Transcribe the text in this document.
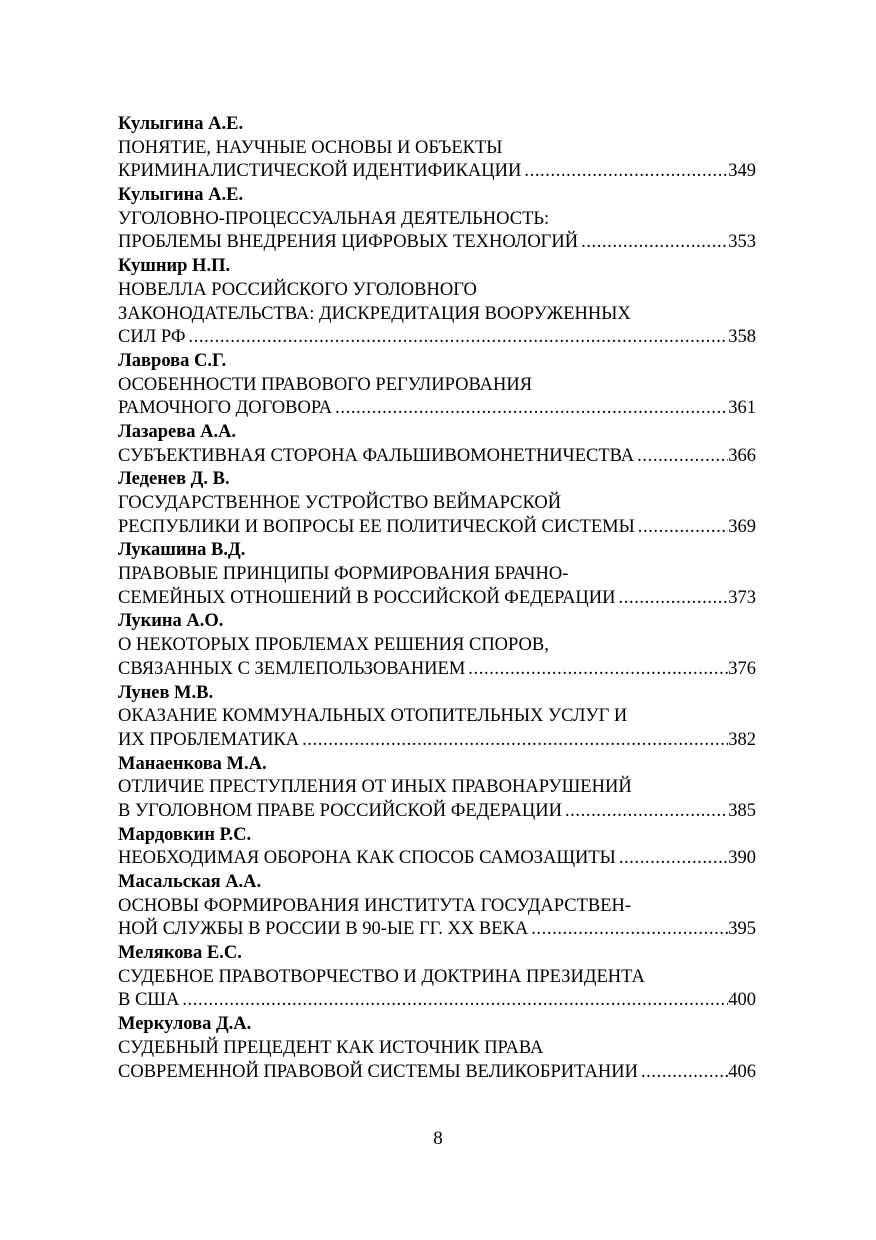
Кулыгина А.Е.
ПОНЯТИЕ, НАУЧНЫЕ ОСНОВЫ И ОБЪЕКТЫ
КРИМИНАЛИСТИЧЕСКОЙ ИДЕНТИФИКАЦИИ .....	349
Кулыгина А.Е.
УГОЛОВНО-ПРОЦЕССУАЛЬНАЯ ДЕЯТЕЛЬНОСТЬ:
ПРОБЛЕМЫ ВНЕДРЕНИЯ ЦИФРОВЫХ ТЕХНОЛОГИЙ .....	353
Кушнир Н.П.
НОВЕЛЛА РОССИЙСКОГО УГОЛОВНОГО
ЗАКОНОДАТЕЛЬСТВА: ДИСКРЕДИТАЦИЯ ВООРУЖЕННЫХ
СИЛ РФ .....	358
Лаврова С.Г.
ОСОБЕННОСТИ ПРАВОВОГО РЕГУЛИРОВАНИЯ
РАМОЧНОГО ДОГОВОРА .....	361
Лазарева А.А.
СУБЪЕКТИВНАЯ СТОРОНА ФАЛЬШИВОМОНЕТНИЧЕСТВА .....	366
Леденев Д. В.
ГОСУДАРСТВЕННОЕ УСТРОЙСТВО ВЕЙМАРСКОЙ
РЕСПУБЛИКИ И ВОПРОСЫ ЕЕ ПОЛИТИЧЕСКОЙ СИСТЕМЫ .....	369
Лукашина В.Д.
ПРАВОВЫЕ ПРИНЦИПЫ ФОРМИРОВАНИЯ БРАЧНО-
СЕМЕЙНЫХ ОТНОШЕНИЙ В РОССИЙСКОЙ ФЕДЕРАЦИИ .....	373
Лукина А.О.
О НЕКОТОРЫХ ПРОБЛЕМАХ РЕШЕНИЯ СПОРОВ,
СВЯЗАННЫХ С ЗЕМЛЕПОЛЬЗОВАНИЕМ .....	376
Лунев М.В.
ОКАЗАНИЕ КОММУНАЛЬНЫХ ОТОПИТЕЛЬНЫХ УСЛУГ И
ИХ ПРОБЛЕМАТИКА .....	382
Манаенкова М.А.
ОТЛИЧИЕ ПРЕСТУПЛЕНИЯ ОТ ИНЫХ ПРАВОНАРУШЕНИЙ
В УГОЛОВНОМ ПРАВЕ РОССИЙСКОЙ ФЕДЕРАЦИИ .....	385
Мардовкин Р.С.
НЕОБХОДИМАЯ ОБОРОНА КАК СПОСОБ САМОЗАЩИТЫ .....	390
Масальская А.А.
ОСНОВЫ ФОРМИРОВАНИЯ ИНСТИТУТА ГОСУДАРСТВЕН-
НОЙ СЛУЖБЫ В РОССИИ В 90-ЫЕ ГГ. XX ВЕКА .....	395
Мелякова Е.С.
СУДЕБНОЕ ПРАВОТВОРЧЕСТВО И ДОКТРИНА ПРЕЗИДЕНТА
В США .....	400
Меркулова Д.А.
СУДЕБНЫЙ ПРЕЦЕДЕНТ КАК ИСТОЧНИК ПРАВА
СОВРЕМЕННОЙ ПРАВОВОЙ СИСТЕМЫ ВЕЛИКОБРИТАНИИ .....	406
8
